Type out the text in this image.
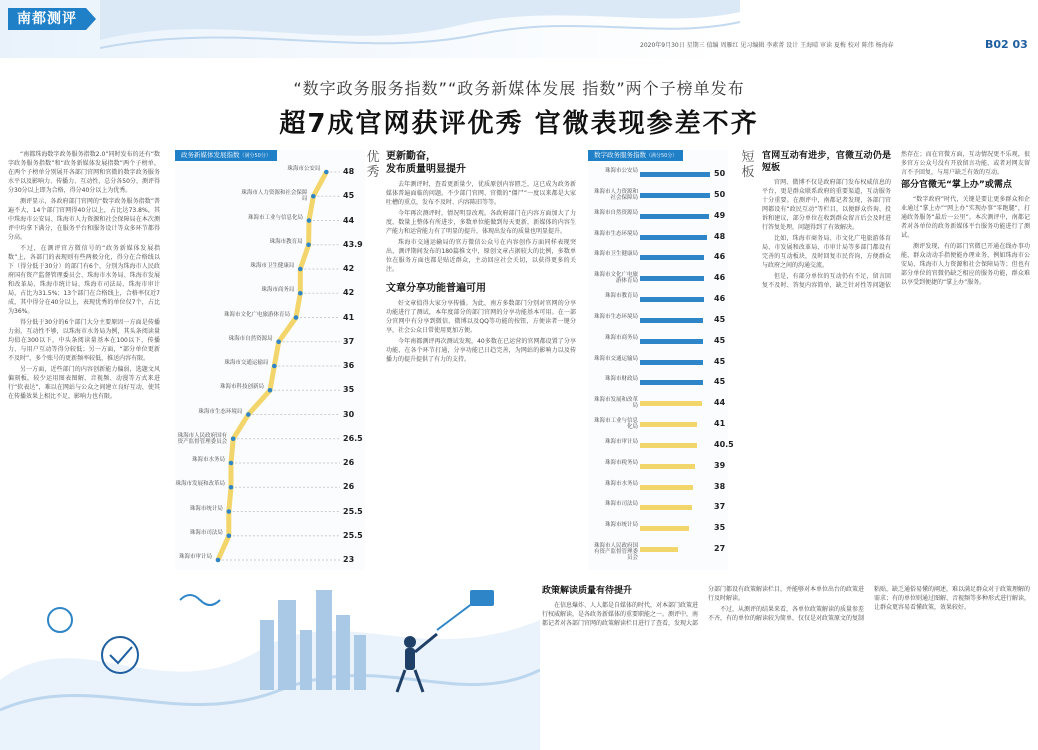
南都测评
2020年9月30日 星期三 值编 周雁红 见习编辑 李素菁 设计 王海晴 审读 夏梅 校对 陈伟 杨海春	B02 03
“数字政务服务指数”“政务新媒体发展 指数”两个子榜单发布
超7成官网获评优秀 官微表现参差不齐

“南都珠海数字政务服务指数2.0”同时发布的还有“数字政务服务指数”和“政务新媒体发展指数”两个子榜单，在两个子榜单分别展开各部门官网和官微的数字政务服务水平以及影响力、传播力、互动性，总分各50分，测评得分30分以上即为合格，得分40分以上为优秀。

测评显示，各政府部门官网的“数字政务服务指数”普遍不大，14个部门官网得40分以上，占比达73.8%，其中珠海市公安局、珠海市人力资源和社会保障局在本次测评中均拿下满分，在服务平台和服务设计等众多环节都得分高。

不过，在测评官方微信号的“政务新媒体发展指数”上，各部门的表现则有些两极分化，得分在合格线以下（得分低于30分）的部门有6个，分别为珠海市人民政府国有资产监督管理委员会、珠海市水务局、珠海市发展和改革局、珠海市统计局、珠海市司法局、珠海市审计局，占比为31.5%；13个部门在合格线上，合格率仅近7成，其中得分在40分以上，表现优秀的单位仅7个，占比为36%。

得分低于30分的6个部门大分主要原因一方面是传播力弱，互动性不够，以珠海市水务局为例，其头条阅读量均值在300以下，中头条阅读量基本在100以下，传播力、与用户互动等得分较低；另一方面，“部分单位更新不及时”，多个账号的更新频率较低，推送内容有限。

另一方面，近些部门的内容创新能力偏弱，选题文风偏刻板，较少运用图表图解、音视频、动漫等方式来进行“软表达”，难以在网站与公众之间建立良好互动，使其在传播效果上相比不足，影响力也有限。

政务新媒体发展指数（满分50分）
珠海市公安局	48
珠海市人力资源和社会保障局	45
珠海市工业与信息化局	44
珠海市教育局	43.9
珠海市卫生健康局	42
珠海市商务局	42
珠海市文化广电旅游体育局	41
珠海市自然资源局	37
珠海市交通运输局	36
珠海市科技创新局	35
珠海市生态环境局	30
珠海市人民政府国有资产监督管理委员会	26.5
珠海市水务局	26
珠海市发展和改革局	26
珠海市统计局	25.5
珠海市司法局	25.5
珠海市审计局	23
优秀
更新勤奋，
发布质量明显提升

去年测评时，查看更新量少，优质原创内容匮乏，这已成为政务新媒体普遍面临的问题。不少部门官网、官微的“僵尸”一度以来都是大家吐槽的重点，发布不及时、内容陈旧等等。

今年再次测评时，情况明显改观。各政府部门在内容方面加大了力度，数量上整体有所进步，多数单位能做到每天更新，新媒体的内容生产能力和运营能力有了明显的提升，体现出发布的质量也明显提升。

珠海市交通运输局的官方微信公众号在内容创作方面同样表现突出，测评期间发布的180篇推文中，原创文章占据较大的比例，多数单位在服务方面也都是贴近群众，主动回应社会关切，以获得更多的关注。

文章分享功能普遍可用

好文章值得大家分享传播。为此，南方多数部门分别对官网的分享功能进行了测试，本年度部分的部门官网的分享功能基本可用。在一部分官网中有分享到微信、微博以及QQ等功能的按钮，方便读者一键分享，社会公众日常使用更加方便。

今年南都测评再次测试发现，40多数在已运营的官网都设置了分享功能，在各个环节打通，分享功能已日趋完善，为网站的影响力以及传播力的提升提供了有力的支持。

数字政务服务指数（满分50分）
珠海市公安局	50
珠海市人力资源和社会保障局	50
珠海市自然资源局	49
珠海市生态环境局	48
珠海市卫生健康局	46
珠海市文化广电旅游体育局	46
珠海市教育局	46
珠海市生态环境局	45
珠海市商务局	45
珠海市交通运输局	45
珠海市财政局	45
珠海市发展和改革局	44
珠海市工业与信息化局	41
珠海市审计局	40.5
珠海市税务局	39
珠海市水务局	38
珠海市司法局	37
珠海市统计局	35
珠海市人民政府国有资产监督管理委员会
27
短板
官网互动有进步，官微互动仍是短板

官网、微博不仅是政府部门发布权威信息的平台，更是群众联系政府的重要渠道，互动服务十分重要。在测评中，南都记者发现，各部门官网都设有“政民互动”等栏目，以便群众咨询、投诉和建议，部分单位在收到群众留言后会及时进行答复处理，问题得到了有效解决。

比如，珠海市商务局、市文化广电旅游体育局、市发展和改革局、市审计局等多部门都设有完善的互动板块，及时回复市民咨询，方便群众与政府之间的沟通交流。

但是，有部分单位的互动仍有不足，留言回复不及时、答复内容简单，缺乏针对性等问题依然存在；而在官微方面，互动情况更不乐观，很多官方公众号没有开放留言功能，或者对网友留言不予回复，与用户缺乏有效的互动。

部分官微无“掌上办”或需点

“数字政府”时代，关键是要让更多群众和企业通过“掌上办”“网上办”实现办事“零跑腿”，打通政务服务“最后一公里”。本次测评中，南都记者对各单位的政务新媒体平台服务功能进行了测试。

测评发现，有的部门官微已开通在线办事功能，群众动动手指便能办理业务，例如珠海市公安局、珠海市人力资源和社会保障局等；但也有部分单位的官微仍缺乏相应的服务功能，群众难以享受到便捷的“掌上办”服务。

政策解读质量有待提升

在信息爆炸、人人都是自媒体的时代，对本部门政策进行权威解读，是各政务新媒体的重要职能之一。测评中，南都记者对各部门官网的政策解读栏目进行了查看，发现大部分部门都设有政策解读栏目，并能够对本单位出台的政策进行及时解读。

不过，从测评的结果来看，各单位政策解读的质量参差不齐，有的单位的解读较为简单，仅仅是对政策原文的复制粘贴，缺乏通俗易懂的阐述，难以满足群众对于政策理解的需求；有的单位则通过图解、音视频等多种形式进行解读，让群众更容易看懂政策，效果较好。
